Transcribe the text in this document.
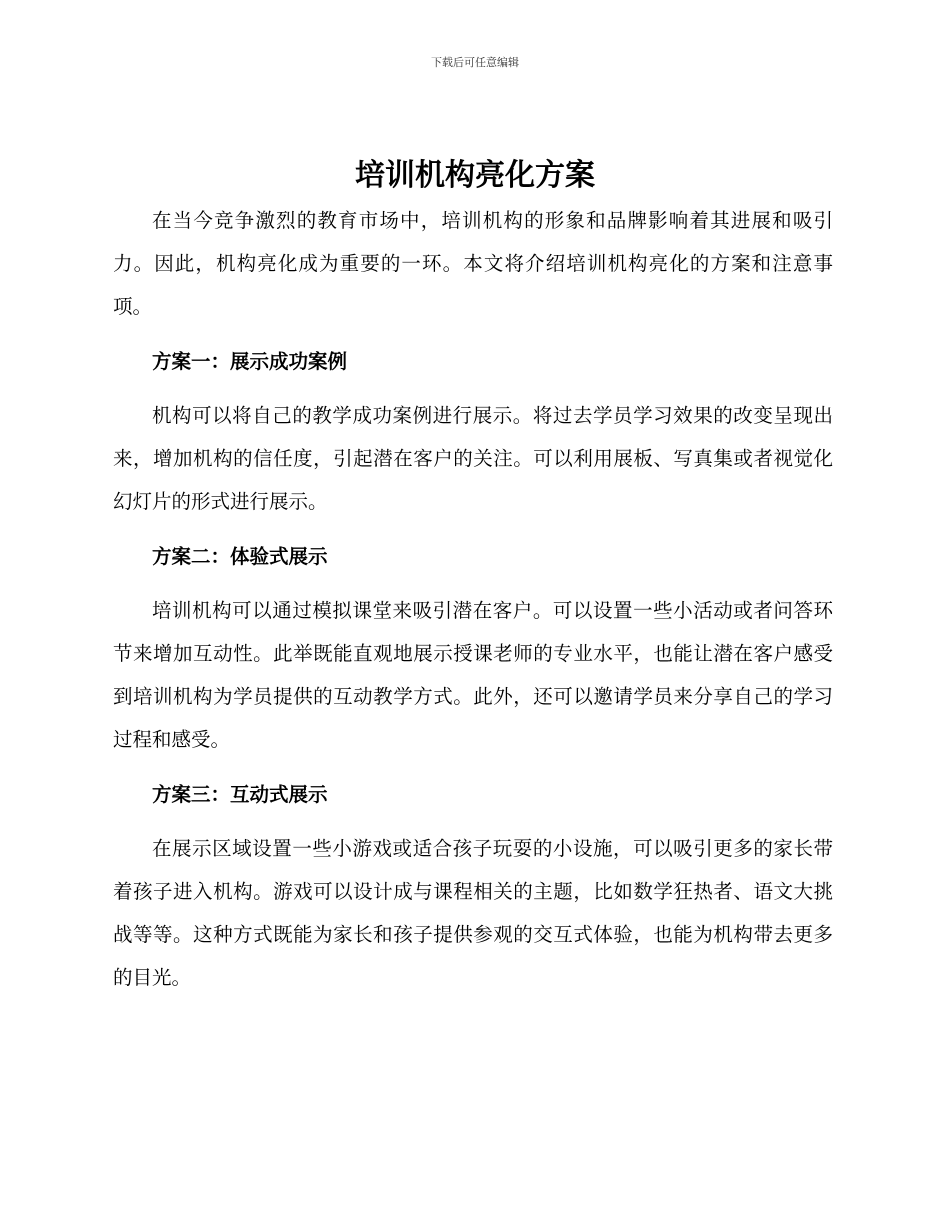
下载后可任意编辑
培训机构亮化方案

在当今竞争激烈的教育市场中，培训机构的形象和品牌影响着其进展和吸引力。因此，机构亮化成为重要的一环。本文将介绍培训机构亮化的方案和注意事项。

方案一：展示成功案例

机构可以将自己的教学成功案例进行展示。将过去学员学习效果的改变呈现出来，增加机构的信任度，引起潜在客户的关注。可以利用展板、写真集或者视觉化幻灯片的形式进行展示。

方案二：体验式展示

培训机构可以通过模拟课堂来吸引潜在客户。可以设置一些小活动或者问答环节来增加互动性。此举既能直观地展示授课老师的专业水平，也能让潜在客户感受到培训机构为学员提供的互动教学方式。此外，还可以邀请学员来分享自己的学习过程和感受。

方案三：互动式展示

在展示区域设置一些小游戏或适合孩子玩耍的小设施，可以吸引更多的家长带着孩子进入机构。游戏可以设计成与课程相关的主题，比如数学狂热者、语文大挑战等等。这种方式既能为家长和孩子提供参观的交互式体验，也能为机构带去更多的目光。
